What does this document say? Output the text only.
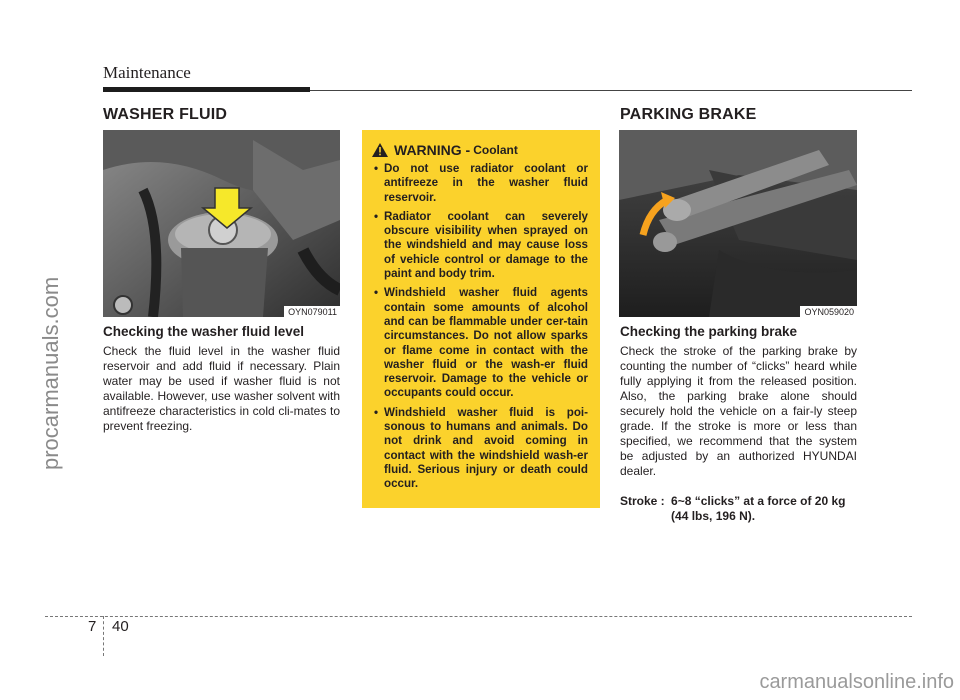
Maintenance
WASHER FLUID
OYN079011
Checking the washer fluid level
Check the fluid level in the washer fluid reservoir and add fluid if necessary. Plain water may be used if washer fluid is not available. However, use washer solvent with antifreeze characteristics in cold cli-mates to prevent freezing.
WARNING - Coolant
• Do not use radiator coolant or antifreeze in the washer fluid reservoir.
• Radiator coolant can severely obscure visibility when sprayed on the windshield and may cause loss of vehicle control or damage to the paint and body trim.
• Windshield washer fluid agents contain some amounts of alcohol and can be flammable under cer-tain circumstances. Do not allow sparks or flame come in contact with the washer fluid or the wash-er fluid reservoir. Damage to the vehicle or occupants could occur.
• Windshield washer fluid is poi-sonous to humans and animals. Do not drink and avoid coming in contact with the windshield wash-er fluid. Serious injury or death could occur.
PARKING BRAKE
OYN059020
Checking the parking brake
Check the stroke of the parking brake by counting the number of “clicks” heard while fully applying it from the released position. Also, the parking brake alone should securely hold the vehicle on a fair-ly steep grade. If the stroke is more or less than specified, we recommend that the system be adjusted by an authorized HYUNDAI dealer.
Stroke : 6~8 “clicks” at a force of 20 kg (44 lbs, 196 N).
7 40
procarmanuals.com
carmanualsonline.info
